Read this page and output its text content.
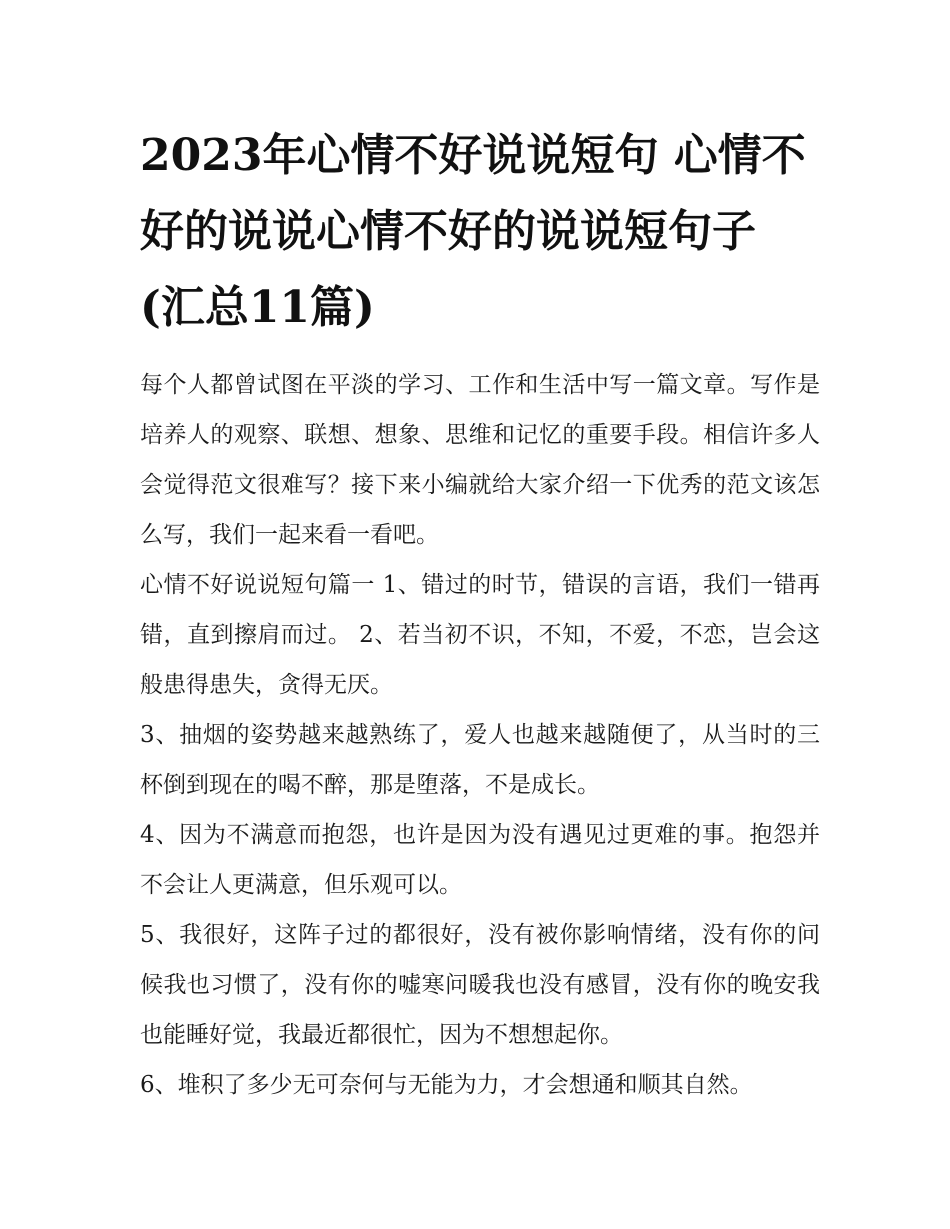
2023年心情不好说说短句 心情不好的说说心情不好的说说短句子(汇总11篇)

每个人都曾试图在平淡的学习、工作和生活中写一篇文章。写作是培养人的观察、联想、想象、思维和记忆的重要手段。相信许多人会觉得范文很难写？接下来小编就给大家介绍一下优秀的范文该怎么写，我们一起来看一看吧。

心情不好说说短句篇一 1、错过的时节，错误的言语，我们一错再错，直到擦肩而过。 2、若当初不识，不知，不爱，不恋，岂会这般患得患失，贪得无厌。

3、抽烟的姿势越来越熟练了，爱人也越来越随便了，从当时的三杯倒到现在的喝不醉，那是堕落，不是成长。

4、因为不满意而抱怨，也许是因为没有遇见过更难的事。抱怨并不会让人更满意，但乐观可以。

5、我很好，这阵子过的都很好，没有被你影响情绪，没有你的问候我也习惯了，没有你的嘘寒问暖我也没有感冒，没有你的晚安我也能睡好觉，我最近都很忙，因为不想想起你。

6、堆积了多少无可奈何与无能为力，才会想通和顺其自然。
